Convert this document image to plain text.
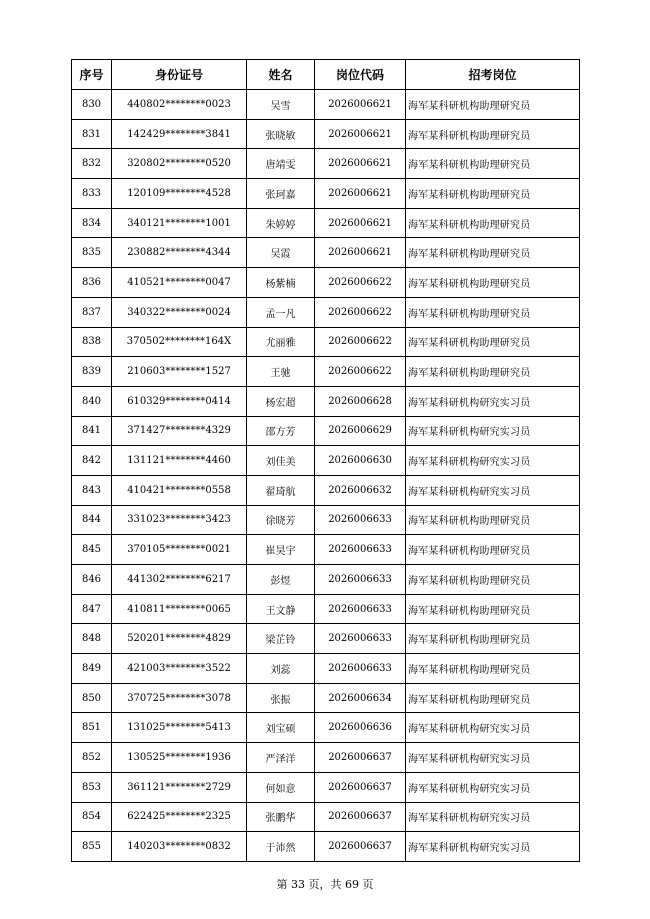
序号	身份证号	姓名	岗位代码	招考岗位
830	440802********0023	吴雪	2026006621	海军某科研机构助理研究员
831	142429********3841	张晓敏	2026006621	海军某科研机构助理研究员
832	320802********0520	唐靖雯	2026006621	海军某科研机构助理研究员
833	120109********4528	张珂嘉	2026006621	海军某科研机构助理研究员
834	340121********1001	朱婷婷	2026006621	海军某科研机构助理研究员
835	230882********4344	吴霞	2026006621	海军某科研机构助理研究员
836	410521********0047	杨紫楠	2026006622	海军某科研机构助理研究员
837	340322********0024	孟一凡	2026006622	海军某科研机构助理研究员
838	370502********164X	尤丽雅	2026006622	海军某科研机构助理研究员
839	210603********1527	王驰	2026006622	海军某科研机构助理研究员
840	610329********0414	杨宏超	2026006628	海军某科研机构研究实习员
841	371427********4329	邵方芳	2026006629	海军某科研机构研究实习员
842	131121********4460	刘佳美	2026006630	海军某科研机构研究实习员
843	410421********0558	翟琦航	2026006632	海军某科研机构研究实习员
844	331023********3423	徐晓芳	2026006633	海军某科研机构助理研究员
845	370105********0021	崔昊宇	2026006633	海军某科研机构助理研究员
846	441302********6217	彭煜	2026006633	海军某科研机构助理研究员
847	410811********0065	王文静	2026006633	海军某科研机构助理研究员
848	520201********4829	梁芷铃	2026006633	海军某科研机构助理研究员
849	421003********3522	刘蕊	2026006633	海军某科研机构助理研究员
850	370725********3078	张振	2026006634	海军某科研机构助理研究员
851	131025********5413	刘宝硕	2026006636	海军某科研机构研究实习员
852	130525********1936	严泽洋	2026006637	海军某科研机构研究实习员
853	361121********2729	何如意	2026006637	海军某科研机构研究实习员
854	622425********2325	张鹏华	2026006637	海军某科研机构研究实习员
855	140203********0832	于沛然	2026006637	海军某科研机构研究实习员
第 33 页，共 69 页
